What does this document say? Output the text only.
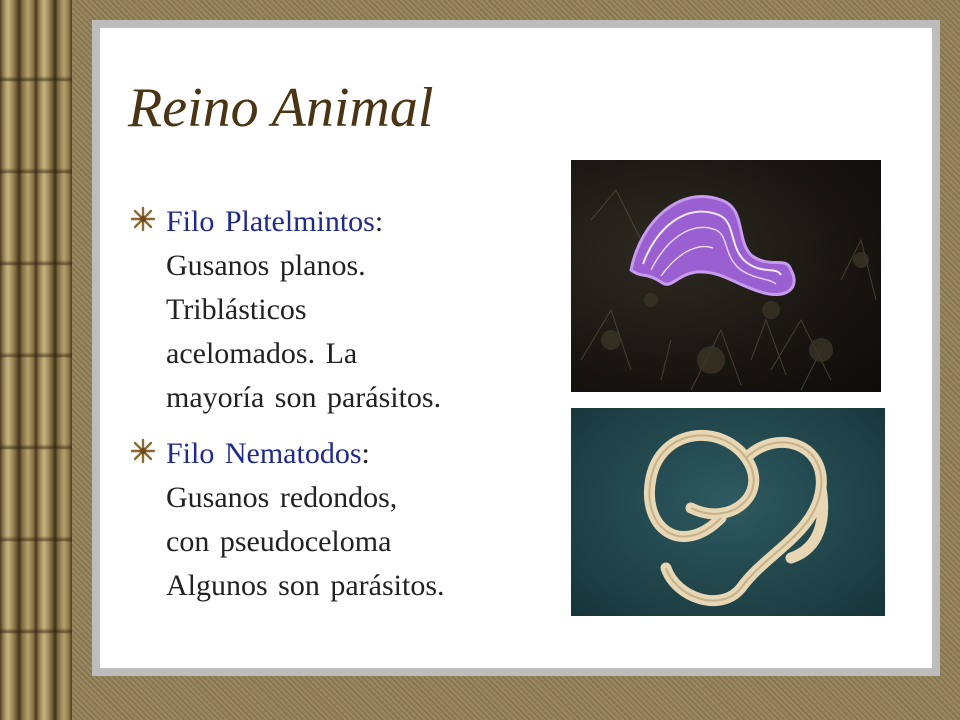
Reino Animal
Filo Platelmintos:
Gusanos planos.
Triblásticos
acelomados. La
mayoría son parásitos.
Filo Nematodos:
Gusanos redondos,
con pseudoceloma
Algunos son parásitos.
